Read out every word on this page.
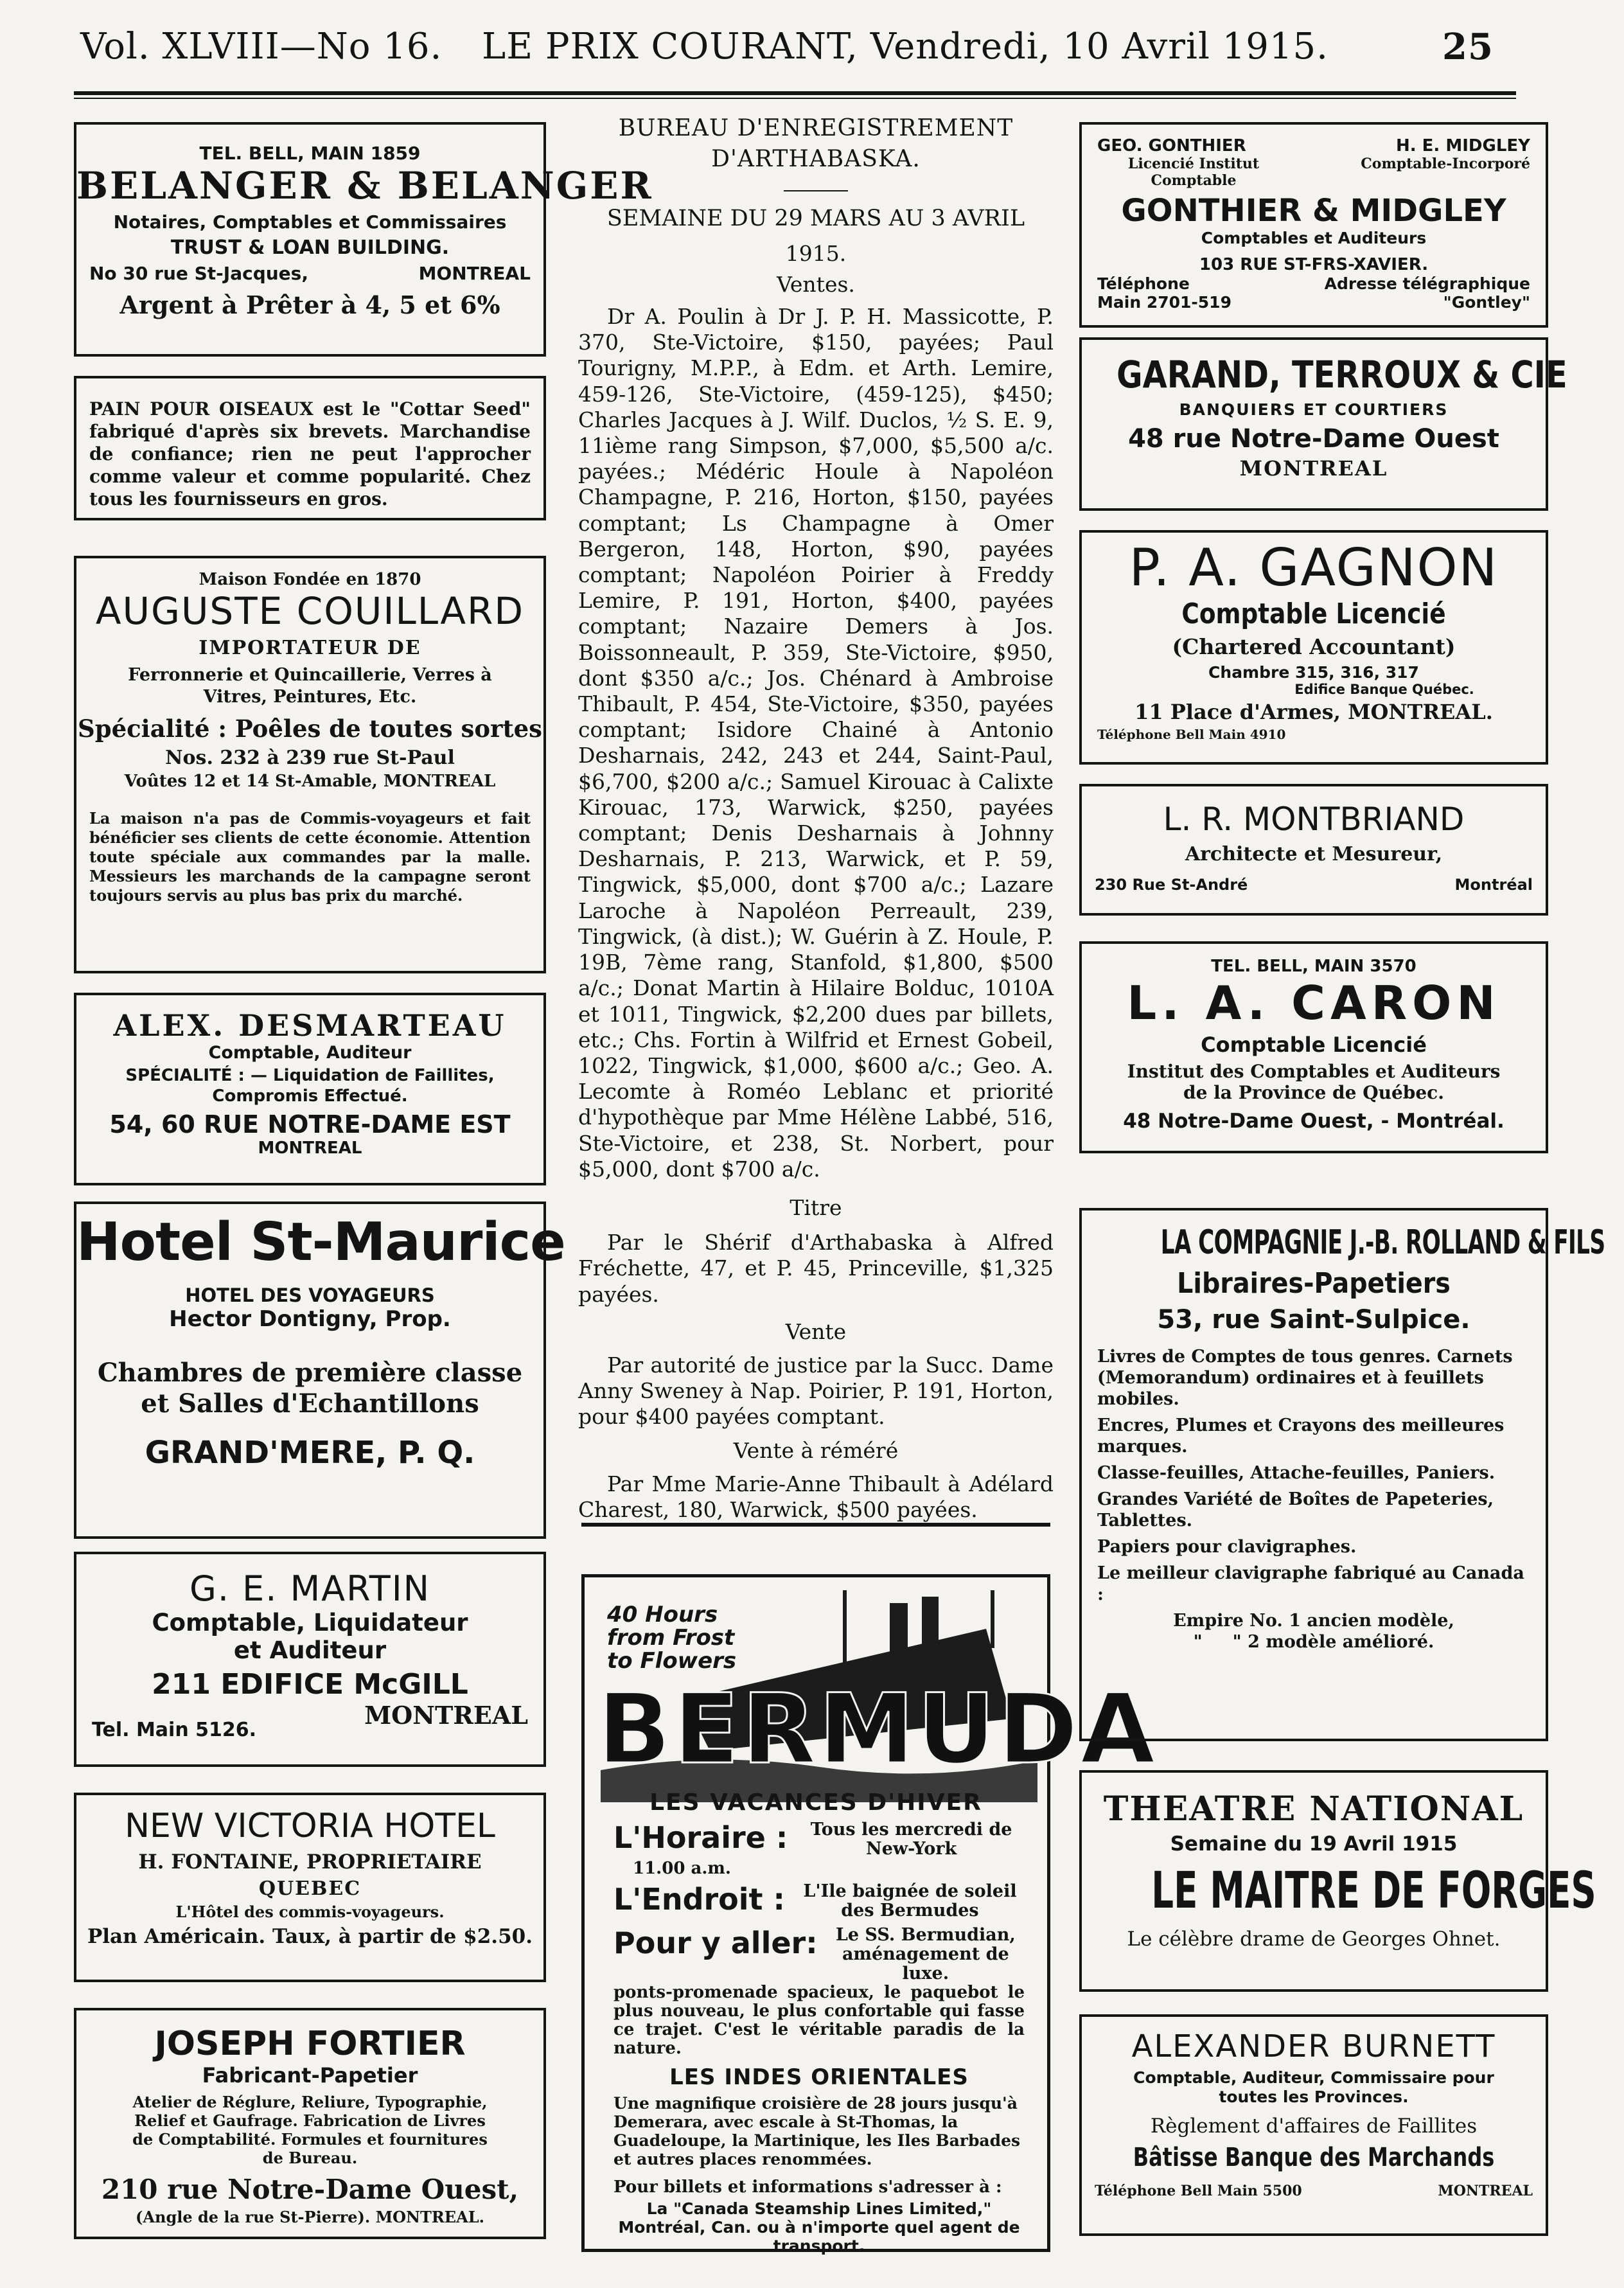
Vol. XLVIII—No 16. LE PRIX COURANT, Vendredi, 10 Avril 1915.	25
TEL. BELL, MAIN 1859
BELANGER & BELANGER
Notaires, Comptables et Commissaires
TRUST & LOAN BUILDING.
No 30 rue St-Jacques,	MONTREAL
Argent à Prêter à 4, 5 et 6%
PAIN POUR OISEAUX est le "Cottar Seed" fabriqué d'après six brevets. Marchandise de confiance; rien ne peut l'approcher comme valeur et comme popularité. Chez tous les fournisseurs en gros.
Maison Fondée en 1870
AUGUSTE COUILLARD
IMPORTATEUR DE
Ferronnerie et Quincaillerie, Verres à Vitres, Peintures, Etc.
Spécialité : Poêles de toutes sortes
Nos. 232 à 239 rue St-Paul
Voûtes 12 et 14 St-Amable, MONTREAL
La maison n'a pas de Commis-voyageurs et fait bénéficier ses clients de cette économie. Attention toute spéciale aux commandes par la malle. Messieurs les marchands de la campagne seront toujours servis au plus bas prix du marché.
ALEX. DESMARTEAU
Comptable, Auditeur
SPÉCIALITÉ : — Liquidation de Faillites, Compromis Effectué.
54, 60 RUE NOTRE-DAME EST
MONTREAL
Hotel St-Maurice
HOTEL DES VOYAGEURS
Hector Dontigny, Prop.
Chambres de première classe et Salles d'Echantillons
GRAND'MERE, P. Q.
G. E. MARTIN
Comptable, Liquidateur
et Auditeur
211 EDIFICE McGILL
Tel. Main 5126.
MONTREAL
NEW VICTORIA HOTEL
H. FONTAINE, PROPRIETAIRE
QUEBEC
L'Hôtel des commis-voyageurs.
Plan Américain. Taux, à partir de $2.50.
JOSEPH FORTIER
Fabricant-Papetier
Atelier de Réglure, Reliure, Typographie, Relief et Gaufrage. Fabrication de Livres de Comptabilité. Formules et fournitures de Bureau.
210 rue Notre-Dame Ouest,
(Angle de la rue St-Pierre). MONTREAL.

BUREAU D'ENREGISTREMENT

D'ARTHABASKA.

SEMAINE DU 29 MARS AU 3 AVRIL

1915.

Ventes.

Dr A. Poulin à Dr J. P. H. Massicotte, P. 370, Ste-Victoire, $150, payées; Paul Tourigny, M.P.P., à Edm. et Arth. Lemire, 459-126, Ste-Victoire, (459-125), $450; Charles Jacques à J. Wilf. Duclos, ½ S. E. 9, 11ième rang Simpson, $7,000, $5,500 a/c. payées.; Médéric Houle à Napoléon Champagne, P. 216, Horton, $150, payées comptant; Ls Champagne à Omer Bergeron, 148, Horton, $90, payées comptant; Napoléon Poirier à Freddy Lemire, P. 191, Horton, $400, payées comptant; Nazaire Demers à Jos. Boissonneault, P. 359, Ste-Victoire, $950, dont $350 a/c.; Jos. Chénard à Ambroise Thibault, P. 454, Ste-Victoire, $350, payées comptant; Isidore Chainé à Antonio Desharnais, 242, 243 et 244, Saint-Paul, $6,700, $200 a/c.; Samuel Kirouac à Calixte Kirouac, 173, Warwick, $250, payées comptant; Denis Desharnais à Johnny Desharnais, P. 213, Warwick, et P. 59, Tingwick, $5,000, dont $700 a/c.; Lazare Laroche à Napoléon Perreault, 239, Tingwick, (à dist.); W. Guérin à Z. Houle, P. 19B, 7ème rang, Stanfold, $1,800, $500 a/c.; Donat Martin à Hilaire Bolduc, 1010A et 1011, Tingwick, $2,200 dues par billets, etc.; Chs. Fortin à Wilfrid et Ernest Gobeil, 1022, Tingwick, $1,000, $600 a/c.; Geo. A. Lecomte à Roméo Leblanc et priorité d'hypothèque par Mme Hélène Labbé, 516, Ste-Victoire, et 238, St. Norbert, pour $5,000, dont $700 a/c.

Titre

Par le Shérif d'Arthabaska à Alfred Fréchette, 47, et P. 45, Princeville, $1,325 payées.

Vente

Par autorité de justice par la Succ. Dame Anny Sweney à Nap. Poirier, P. 191, Horton, pour $400 payées comptant.

Vente à réméré

Par Mme Marie-Anne Thibault à Adélard Charest, 180, Warwick, $500 payées.

40 Hours from Frost to Flowers
BERMUDA
LES VACANCES D'HIVER
L'Horaire :	Tous les mercredi de New-York
11.00 a.m.
L'Endroit :	L'Ile baignée de soleil des Bermudes
Pour y aller:	Le SS. Bermudian, aménagement de luxe.
ponts-promenade spacieux, le paquebot le plus nouveau, le plus confortable qui fasse ce trajet. C'est le véritable paradis de la nature.
LES INDES ORIENTALES
Une magnifique croisière de 28 jours jusqu'à Demerara, avec escale à St-Thomas, la Guadeloupe, la Martinique, les Iles Barbades et autres places renommées.
Pour billets et informations s'adresser à :
La "Canada Steamship Lines Limited," Montréal, Can. ou à n'importe quel agent de transport.
GEO. GONTHIER	H. E. MIDGLEY
Licencié Institut Comptable
Comptable-Incorporé
GONTHIER & MIDGLEY
Comptables et Auditeurs
103 RUE ST-FRS-XAVIER.
Téléphone	Adresse télégraphique
Main 2701-519	"Gontley"
GARAND, TERROUX & CIE
BANQUIERS ET COURTIERS
48 rue Notre-Dame Ouest
MONTREAL
P. A. GAGNON
Comptable Licencié
(Chartered Accountant)
Chambre 315, 316, 317
Edifice Banque Québec.
11 Place d'Armes, MONTREAL.
Téléphone Bell Main 4910
L. R. MONTBRIAND
Architecte et Mesureur,
230 Rue St-André	Montréal
TEL. BELL, MAIN 3570
L. A. CARON
Comptable Licencié
Institut des Comptables et Auditeurs
de la Province de Québec.
48 Notre-Dame Ouest, - Montréal.
LA COMPAGNIE J.-B. ROLLAND & FILS
Libraires-Papetiers
53, rue Saint-Sulpice.
Livres de Comptes de tous genres. Carnets (Memorandum) ordinaires et à feuillets mobiles.
Encres, Plumes et Crayons des meilleures marques.
Classe-feuilles, Attache-feuilles, Paniers.
Grandes Variété de Boîtes de Papeteries, Tablettes.
Papiers pour clavigraphes.
Le meilleur clavigraphe fabriqué au Canada :
Empire No. 1 ancien modèle,
"     " 2 modèle amélioré.
THEATRE NATIONAL
Semaine du 19 Avril 1915
LE MAITRE DE FORGES
Le célèbre drame de Georges Ohnet.
ALEXANDER BURNETT
Comptable, Auditeur, Commissaire pour toutes les Provinces.
Règlement d'affaires de Faillites
Bâtisse Banque des Marchands
Téléphone Bell Main 5500	MONTREAL
